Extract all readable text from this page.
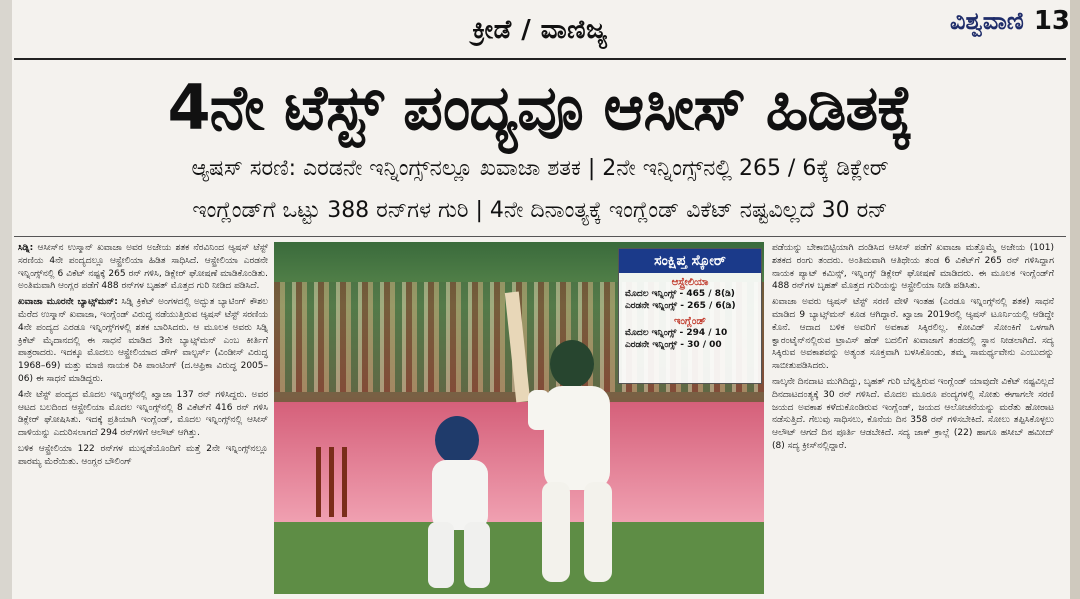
ಕ್ರೀಡೆ / ವಾಣಿಜ್ಯ	ವಿಶ್ವವಾಣಿ 13
4ನೇ ಟೆಸ್ಟ್ ಪಂದ್ಯವೂ ಆಸೀಸ್ ಹಿಡಿತಕ್ಕೆ
ಆ್ಯಷಸ್ ಸರಣಿ: ಎರಡನೇ ಇನ್ನಿಂಗ್ಸ್‌ನಲ್ಲೂ ಖವಾಜಾ ಶತಕ | 2ನೇ ಇನ್ನಿಂಗ್ಸ್‌ನಲ್ಲಿ 265 / 6ಕ್ಕೆ ಡಿಕ್ಲೇರ್
ಇಂಗ್ಲೆಂಡ್‌ಗೆ ಒಟ್ಟು 388 ರನ್‌ಗಳ ಗುರಿ | 4ನೇ ದಿನಾಂತ್ಯಕ್ಕೆ ಇಂಗ್ಲೆಂಡ್ ವಿಕೆಟ್ ನಷ್ಟವಿಲ್ಲದೆ 30 ರನ್

ಸಿಡ್ನಿ: ಆಸೀಸ್‌ನ ಉಸ್ಮಾನ್ ಖವಾಜಾ ಅವರ ಅಜೇಯ ಶತಕ ನೆರವಿನಿಂದ ಆ್ಯಷಸ್ ಟೆಸ್ಟ್ ಸರಣಿಯ 4ನೇ ಪಂದ್ಯದಲ್ಲೂ ಆಸ್ಟ್ರೇಲಿಯಾ ಹಿಡಿತ ಸಾಧಿಸಿದೆ. ಆಸ್ಟ್ರೇಲಿಯಾ ಎರಡನೇ ಇನ್ನಿಂಗ್ಸ್‌ನಲ್ಲಿ 6 ವಿಕೆಟ್ ನಷ್ಟಕ್ಕೆ 265 ರನ್ ಗಳಿಸಿ, ಡಿಕ್ಲೇರ್ ಘೋಷಣೆ ಮಾಡಿಕೊಂಡಿತು. ಅಂತಿಮವಾಗಿ ಆಂಗ್ಲರ ಪಡೆಗೆ 488 ರನ್‌ಗಳ ಬೃಹತ್ ಮೊತ್ತದ ಗುರಿ ನೀಡಿದ ಪಡಿಸಿದೆ.

ಖವಾಜಾ ಮೂರನೇ ಬ್ಯಾಟ್ಸ್‌ಮನ್: ಸಿಡ್ನಿ ಕ್ರಿಕೆಟ್ ಅಂಗಳದಲ್ಲಿ ಅದ್ಭುತ ಬ್ಯಾಟಿಂಗ್ ಕೌಶಲ ಮೆರೆದ ಉಸ್ಮಾನ್ ಖವಾಜಾ, ಇಂಗ್ಲೆಂಡ್ ವಿರುದ್ಧ ನಡೆಯುತ್ತಿರುವ ಆ್ಯಷಸ್ ಟೆಸ್ಟ್ ಸರಣಿಯ 4ನೇ ಪಂದ್ಯದ ಎರಡೂ ಇನ್ನಿಂಗ್ಸ್‌ಗಳಲ್ಲಿ ಶತಕ ಬಾರಿಸಿದರು. ಆ ಮೂಲಕ ಅವರು ಸಿಡ್ನಿ ಕ್ರಿಕೆಟ್ ಮೈದಾನದಲ್ಲಿ ಈ ಸಾಧನೆ ಮಾಡಿದ 3ನೇ ಬ್ಯಾಟ್ಸ್‌ಮನ್ ಎಂಬ ಕೀರ್ತಿಗೆ ಪಾತ್ರರಾದರು. ಇದಕ್ಕೂ ಮೊದಲು ಆಸ್ಟ್ರೇಲಿಯಾದ ಡೌಗ್ ವಾಲ್ಟರ್ಸ್ (ವಿಂಡೀಸ್ ವಿರುದ್ಧ 1968–69) ಮತ್ತು ಮಾಜಿ ನಾಯಕ ರಿಕಿ ಪಾಂಟಿಂಗ್ (ದ.ಆಫ್ರಿಕಾ ವಿರುದ್ಧ 2005–06) ಈ ಸಾಧನೆ ಮಾಡಿದ್ದರು.

4ನೇ ಟೆಸ್ಟ್ ಪಂದ್ಯದ ಮೊದಲ ಇನ್ನಿಂಗ್ಸ್‌ನಲ್ಲಿ ಖ್ವಾಜಾ 137 ರನ್ ಗಳಿಸಿದ್ದರು. ಅವರ ಆಟದ ಬಲದಿಂದ ಆಸ್ಟ್ರೇಲಿಯಾ ಮೊದಲ ಇನ್ನಿಂಗ್ಸ್‌ನಲ್ಲಿ 8 ವಿಕೆಟ್‌ಗೆ 416 ರನ್ ಗಳಿಸಿ ಡಿಕ್ಲೇರ್ ಘೋಷಿಸಿತು. ಇದಕ್ಕೆ ಪ್ರತಿಯಾಗಿ ಇಂಗ್ಲೆಂಡ್, ಮೊದಲ ಇನ್ನಿಂಗ್ಸ್‌ನಲ್ಲಿ ಆಸೀಸ್ ದಾಳಿಯನ್ನು ಎದುರಿಸಲಾಗದೆ 294 ರನ್‌ಗಳಿಗೆ ಆಲೌಟ್ ಆಗಿತ್ತು.

ಬಳಿಕ ಆಸ್ಟ್ರೇಲಿಯಾ 122 ರನ್‌ಗಳ ಮುನ್ನಡೆಯೊಂದಿಗೆ ಮತ್ತೆ 2ನೇ ಇನ್ನಿಂಗ್ಸ್‌ನಲ್ಲೂ ಪಾರಮ್ಯ ಮೆರೆಯಿತು. ಆಂಗ್ಲರ ಬೌಲಿಂಗ್

ಸಂಕ್ಷಿಪ್ತ ಸ್ಕೋರ್
ಆಸ್ಟ್ರೇಲಿಯಾ
ಮೊದಲ ಇನ್ನಿಂಗ್ಸ್ - 465 / 8(ಡಿ)
ಎರಡನೇ ಇನ್ನಿಂಗ್ಸ್ - 265 / 6(ಡಿ)
ಇಂಗ್ಲೆಂಡ್
ಮೊದಲ ಇನ್ನಿಂಗ್ಸ್ - 294 / 10
ಎರಡನೇ ಇನ್ನಿಂಗ್ಸ್ - 30 / 00

ಪಡೆಯನ್ನು ಬೇಕಾಬಿಟ್ಟಿಯಾಗಿ ದಂಡಿಸಿದ ಆಸೀಸ್ ಪಡೆಗೆ ಖವಾಜಾ ಮತ್ತೊಮ್ಮೆ ಅಜೇಯ (101) ಶತಕದ ರಂಗು ತಂದರು. ಅಂತಿಮವಾಗಿ ಆತಿಥೇಯ ತಂಡ 6 ವಿಕೆಟ್‌ಗೆ 265 ರನ್ ಗಳಿಸಿದ್ದಾಗ ನಾಯಕ ಪ್ಯಾಟ್ ಕಮಿನ್ಸ್, ಇನ್ನಿಂಗ್ಸ್ ಡಿಕ್ಲೇರ್ ಘೋಷಣೆ ಮಾಡಿದರು. ಈ ಮೂಲಕ ಇಂಗ್ಲೆಂಡ್‌ಗೆ 488 ರನ್‌ಗಳ ಬೃಹತ್ ಮೊತ್ತದ ಗುರಿಯನ್ನು ಆಸ್ಟ್ರೇಲಿಯಾ ನೀಡಿ ಪಡಿಸಿತು.

ಖವಾಜಾ ಅವರು ಆ್ಯಷಸ್ ಟೆಸ್ಟ್ ಸರಣಿ ವೇಳೆ ಇಂತಹ (ಎರಡೂ ಇನ್ನಿಂಗ್ಸ್‌ನಲ್ಲಿ ಶತಕ) ಸಾಧನೆ ಮಾಡಿದ 9 ಬ್ಯಾಟ್ಸ್‌ಮನ್ ಕೂಡ ಆಗಿದ್ದಾರೆ. ಖ್ವಾಜಾ 2019ರಲ್ಲಿ ಆ್ಯಷಸ್ ಟೂರ್ನಿಯಲ್ಲಿ ಆಡಿದ್ದೇ ಕೊನೆ. ಆದಾದ ಬಳಿಕ ಅವರಿಗೆ ಅವಕಾಶ ಸಿಕ್ಕಿರಲಿಲ್ಲ. ಕೋವಿಡ್ ಸೋಂಕಿಗೆ ಒಳಗಾಗಿ ಕ್ವಾರಂಟೈನ್‌ನಲ್ಲಿರುವ ಟ್ರಾವಿಸ್ ಹೆಡ್ ಬದಲಿಗೆ ಖವಾಜಾಗೆ ತಂಡದಲ್ಲಿ ಸ್ಥಾನ ನೀಡಲಾಗಿದೆ. ಸದ್ಯ ಸಿಕ್ಕಿರುವ ಅವಕಾಶವನ್ನು ಅತ್ಯಂತ ಸೂಕ್ತವಾಗಿ ಬಳಸಿಕೊಂಡು, ತಮ್ಮ ಸಾಮರ್ಥ್ಯವೇನು ಎಂಬುದನ್ನು ಸಾಬೀತುಪಡಿಸಿದರು.

ನಾಲ್ಕನೇ ದಿನದಾಟ ಮುಗಿದಿದ್ದು, ಬೃಹತ್ ಗುರಿ ಬೆನ್ನತ್ತಿರುವ ಇಂಗ್ಲೆಂಡ್ ಯಾವುದೇ ವಿಕೆಟ್ ನಷ್ಟವಿಲ್ಲದೆ ದಿನದಾಟದಂತ್ಯಕ್ಕೆ 30 ರನ್ ಗಳಿಸಿದೆ. ಮೊದಲ ಮೂರೂ ಪಂದ್ಯಗಳಲ್ಲಿ ಸೋತು ಈಗಾಗಲೇ ಸರಣಿ ಜಯದ ಅವಕಾಶ ಕಳೆದುಕೊಂಡಿರುವ ಇಂಗ್ಲೆಂಡ್, ಜಯದ ಆಲೋಚನೆಯನ್ನು ಮರೆತು ಹೋರಾಟ ನಡೆಸುತ್ತಿದೆ. ಗೆಲುವು ಸಾಧಿಸಲು, ಕೊನೆಯ ದಿನ 358 ರನ್ ಗಳಿಸಬೇಕಿದೆ. ಸೋಲು ತಪ್ಪಿಸಿಕೊಳ್ಳಲು ಆಲೌಟ್ ಆಗದೆ ದಿನ ಪೂರ್ತಿ ಆಡಬೇಕಿದೆ. ಸದ್ಯ ಜಾಕ್ ಕ್ರಾಲ್ಲೆ (22) ಹಾಗೂ ಹಸೀಬ್ ಹಮೀದ್ (8) ಸದ್ಯ ಕ್ರೀಸ್‌ನಲ್ಲಿದ್ದಾರೆ.
